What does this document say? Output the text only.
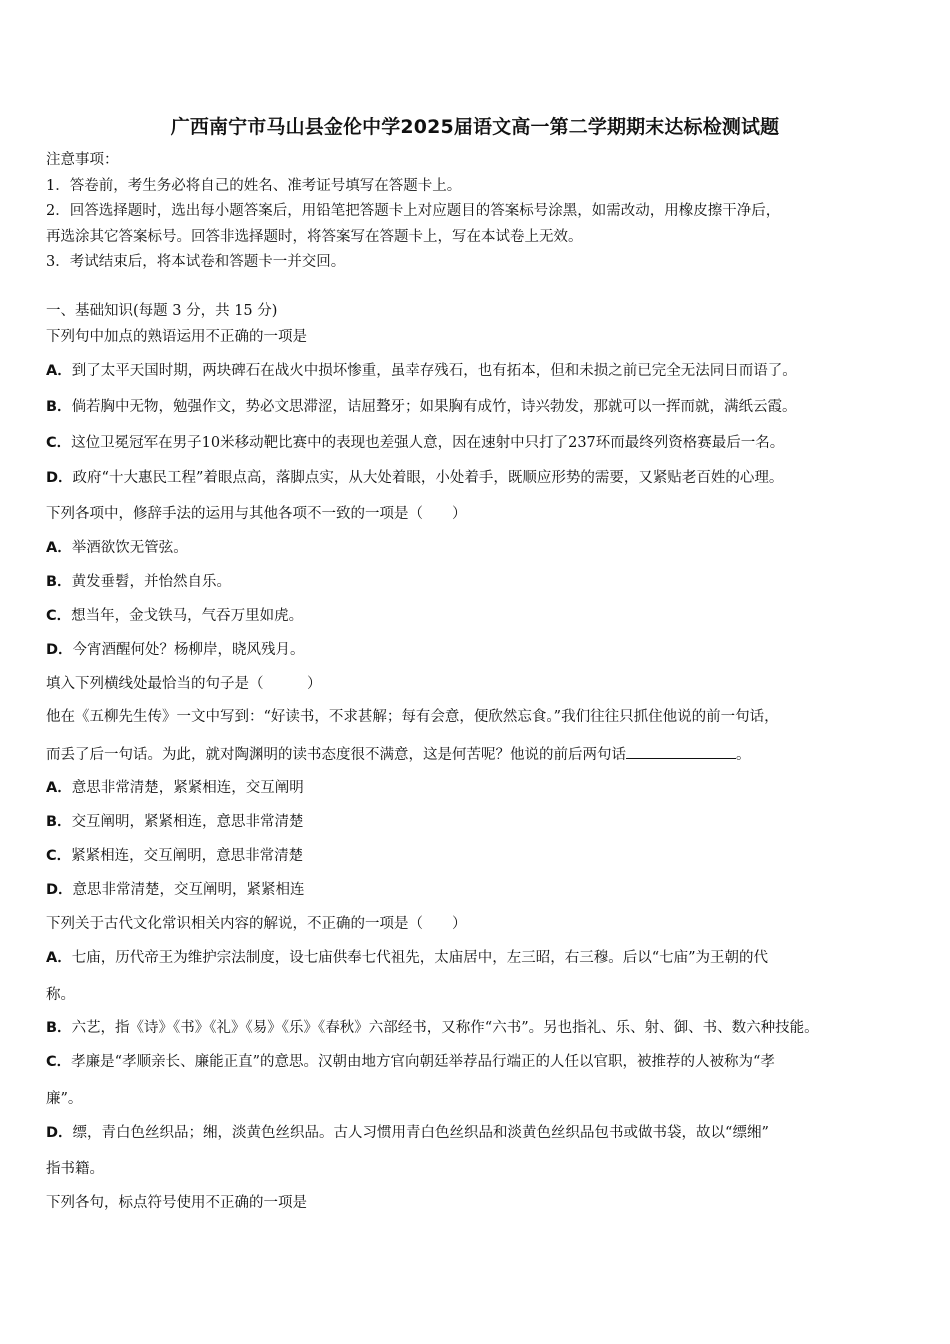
广西南宁市马山县金伦中学2025届语文高一第二学期期末达标检测试题
注意事项：
1．答卷前，考生务必将自己的姓名、准考证号填写在答题卡上。
2．回答选择题时，选出每小题答案后，用铅笔把答题卡上对应题目的答案标号涂黑，如需改动，用橡皮擦干净后，
再选涂其它答案标号。回答非选择题时，将答案写在答题卡上，写在本试卷上无效。
3．考试结束后，将本试卷和答题卡一并交回。
一、基础知识(每题 3 分，共 15 分)
下列句中加点的熟语运用不正确的一项是
A．到了太平天国时期，两块碑石在战火中损坏惨重，虽幸存残石，也有拓本，但和未损之前已完全无法同日而语了。
B．倘若胸中无物，勉强作文，势必文思滞涩，诘屈聱牙；如果胸有成竹，诗兴勃发，那就可以一挥而就，满纸云霞。
C．这位卫冕冠军在男子10米移动靶比赛中的表现也差强人意，因在速射中只打了237环而最终列资格赛最后一名。
D．政府“十大惠民工程”着眼点高，落脚点实，从大处着眼，小处着手，既顺应形势的需要，又紧贴老百姓的心理。
下列各项中，修辞手法的运用与其他各项不一致的一项是（　　）
A．举酒欲饮无管弦。
B．黄发垂髫，并怡然自乐。
C．想当年，金戈铁马，气吞万里如虎。
D．今宵酒醒何处？杨柳岸，晓风残月。
填入下列横线处最恰当的句子是（　　　）
他在《五柳先生传》一文中写到：“好读书，不求甚解；每有会意，便欣然忘食。”我们往往只抓住他说的前一句话，
而丢了后一句话。为此，就对陶渊明的读书态度很不满意，这是何苦呢？他说的前后两句话	。
A．意思非常清楚，紧紧相连，交互阐明
B．交互阐明，紧紧相连，意思非常清楚
C．紧紧相连，交互阐明，意思非常清楚
D．意思非常清楚，交互阐明，紧紧相连
下列关于古代文化常识相关内容的解说，不正确的一项是（　　）
A．七庙，历代帝王为维护宗法制度，设七庙供奉七代祖先，太庙居中，左三昭，右三穆。后以“七庙”为王朝的代
称。
B．六艺，指《诗》《书》《礼》《易》《乐》《春秋》六部经书，又称作“六书”。另也指礼、乐、射、御、书、数六种技能。
C．孝廉是“孝顺亲长、廉能正直”的意思。汉朝由地方官向朝廷举荐品行端正的人任以官职，被推荐的人被称为“孝
廉”。
D．缥，青白色丝织品；缃，淡黄色丝织品。古人习惯用青白色丝织品和淡黄色丝织品包书或做书袋，故以“缥缃”
指书籍。
下列各句，标点符号使用不正确的一项是
